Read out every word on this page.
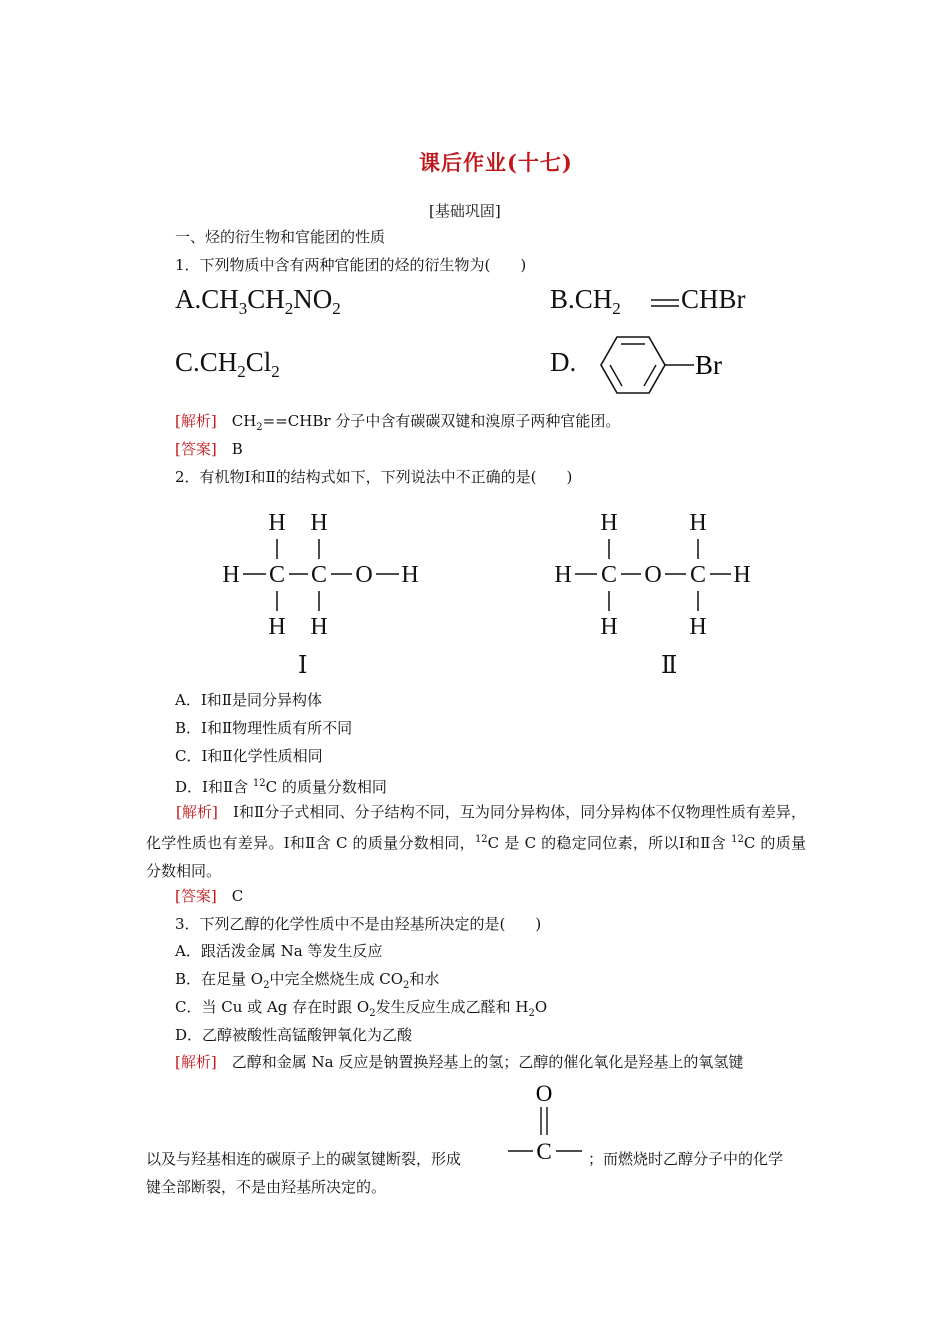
课后作业(十七)
[基础巩固]
一、烃的衍生物和官能团的性质
1．下列物质中含有两种官能团的烃的衍生物为(　　)
$A.CH_3CH_2NO_2$	$B.CH_2$ CHBr
$C.CH_2Cl_2$	D.	Br
[解析]　 $CH_2==CHBr$ 分子中含有碳碳双键和溴原子两种官能团。
[答案]　 B
2．有机物Ⅰ和Ⅱ的结构式如下，下列说法中不正确的是(　　)
H H
H C C O H
H H
Ⅰ
H	H
H C O C H
H	H
Ⅱ
A．Ⅰ和Ⅱ是同分异构体
B．Ⅰ和Ⅱ物理性质有所不同
C．Ⅰ和Ⅱ化学性质相同
D．Ⅰ和Ⅱ含 $^{12}$C 的质量分数相同
[解析]　 Ⅰ和Ⅱ分子式相同、分子结构不同，互为同分异构体，同分异构体不仅物理性质有差异，化学性质也有差异。Ⅰ和Ⅱ含 C 的质量分数相同，$^{12}$C 是 C 的稳定同位素，所以Ⅰ和Ⅱ含 $^{12}$C 的质量分数相同。
[答案]　 C
3．下列乙醇的化学性质中不是由羟基所决定的是(　　)
A．跟活泼金属 Na 等发生反应
B．在足量 $O_2$中完全燃烧生成 $CO_2$和水
C．当 Cu 或 Ag 存在时跟 $O_2$发生反应生成乙醛和 $H_2O$
D．乙醇被酸性高锰酸钾氧化为乙酸
[解析]　 乙醇和金属 Na 反应是钠置换羟基上的氢；乙醇的催化氧化是羟基上的氧氢键
O
C
以及与羟基相连的碳原子上的碳氢键断裂，形成	；而燃烧时乙醇分子中的化学
键全部断裂，不是由羟基所决定的。
